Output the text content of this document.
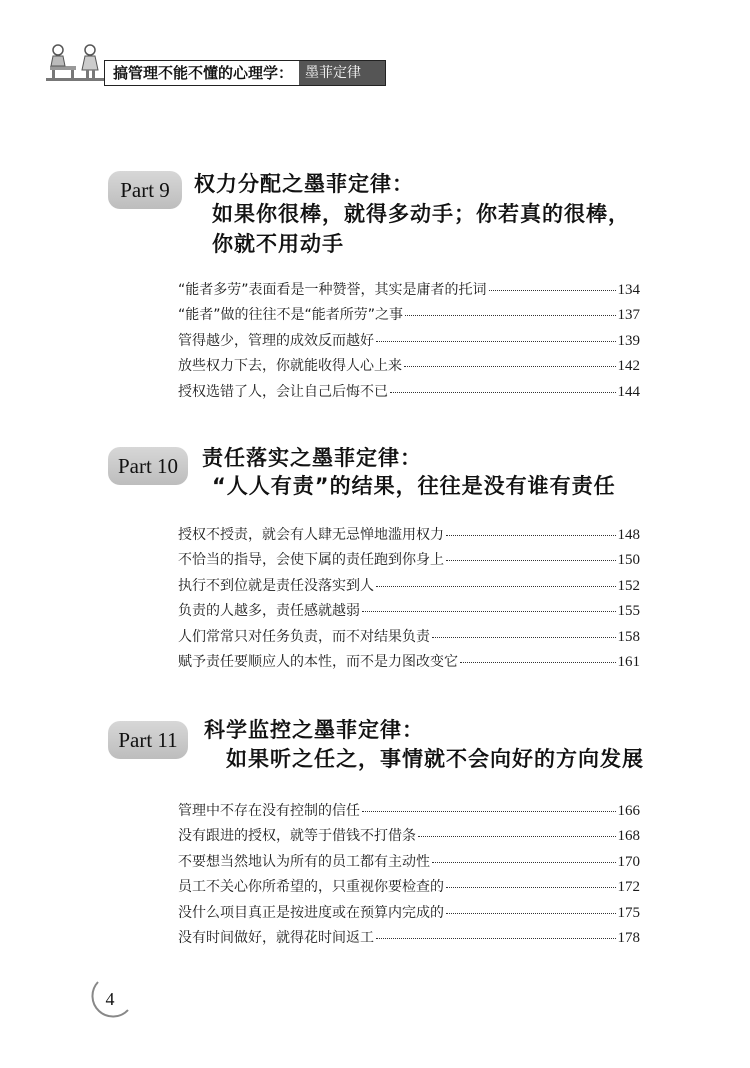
搞管理不能不懂的心理学： 墨菲定律
Part 9	权力分配之墨菲定律：
如果你很棒，就得多动手；你若真的很棒，
你就不用动手
“能者多劳”表面看是一种赞誉，其实是庸者的托词	134
“能者”做的往往不是“能者所劳”之事	137
管得越少，管理的成效反而越好	139
放些权力下去，你就能收得人心上来	142
授权选错了人，会让自己后悔不已	144
Part 10	责任落实之墨菲定律：
“人人有责”的结果，往往是没有谁有责任
授权不授责，就会有人肆无忌惮地滥用权力	148
不恰当的指导，会使下属的责任跑到你身上	150
执行不到位就是责任没落实到人	152
负责的人越多，责任感就越弱	155
人们常常只对任务负责，而不对结果负责	158
赋予责任要顺应人的本性，而不是力图改变它	161
Part 11	科学监控之墨菲定律：
如果听之任之，事情就不会向好的方向发展
管理中不存在没有控制的信任	166
没有跟进的授权，就等于借钱不打借条	168
不要想当然地认为所有的员工都有主动性	170
员工不关心你所希望的，只重视你要检查的	172
没什么项目真正是按进度或在预算内完成的	175
没有时间做好，就得花时间返工	178
4
